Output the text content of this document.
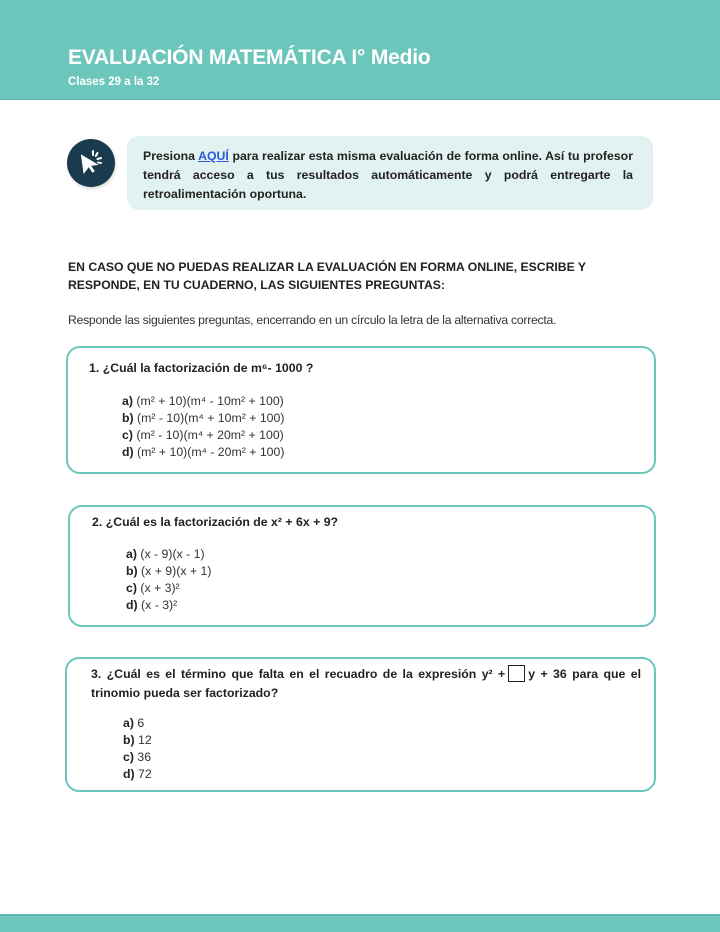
EVALUACIÓN MATEMÁTICA I° Medio
Clases 29 a la 32
Presiona AQUÍ para realizar esta misma evaluación de forma online. Así tu profesor tendrá acceso a tus resultados automáticamente y podrá entregarte la retroalimentación oportuna.
EN CASO QUE NO PUEDAS REALIZAR LA EVALUACIÓN EN FORMA ONLINE, ESCRIBE Y RESPONDE, EN TU CUADERNO, LAS SIGUIENTES PREGUNTAS:
Responde las siguientes preguntas, encerrando en un círculo la letra de la alternativa correcta.
1. ¿Cuál la factorización de m⁶- 1000 ?
a) (m² + 10)(m⁴ - 10m² + 100)
b) (m² - 10)(m⁴ + 10m² + 100)
c) (m² - 10)(m⁴ + 20m² + 100)
d) (m² + 10)(m⁴ - 20m² + 100)
2. ¿Cuál es la factorización de x² + 6x + 9?
a) (x - 9)(x - 1)
b) (x + 9)(x + 1)
c) (x + 3)²
d) (x - 3)²
3. ¿Cuál es el término que falta en el recuadro de la expresión y² + y + 36 para que el trinomio pueda ser factorizado?
a) 6
b) 12
c) 36
d) 72
